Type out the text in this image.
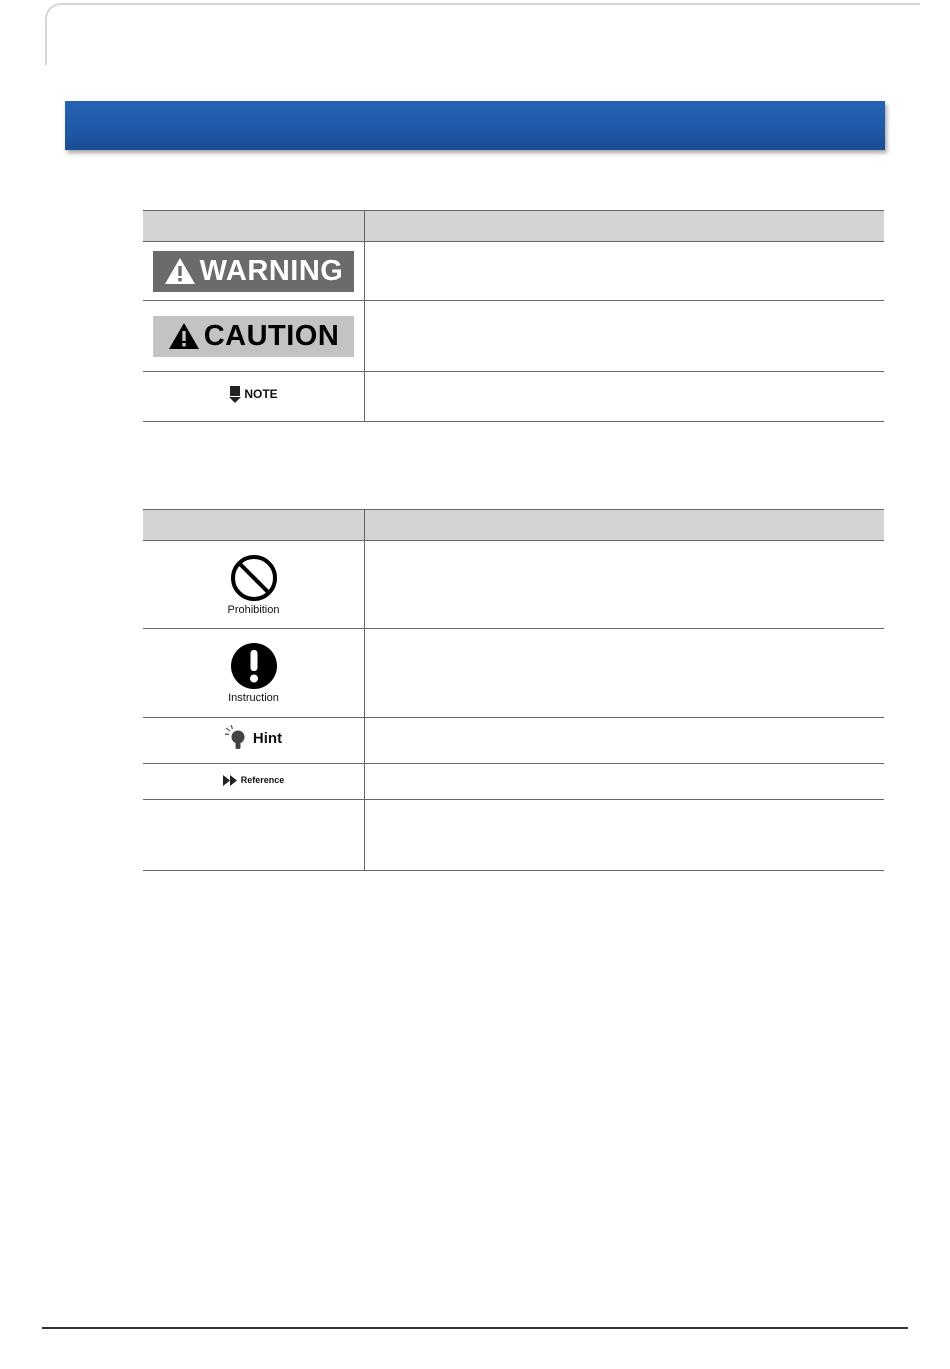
WARNING	

CAUTION	

NOTE	

Prohibition	

Instruction	

Hint	

Reference	
